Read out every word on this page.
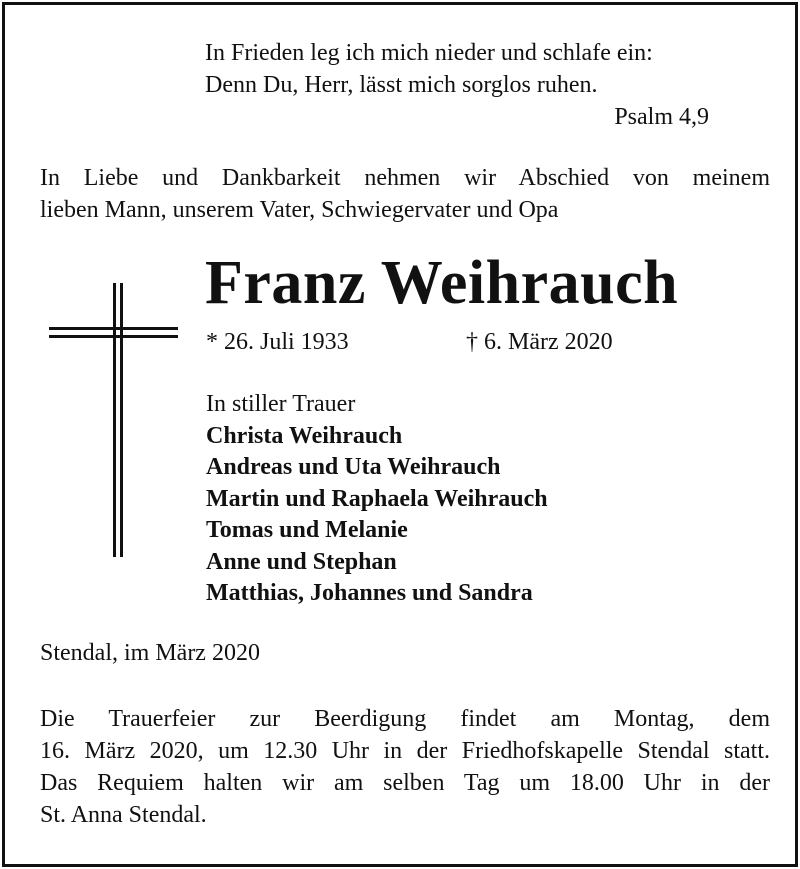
In Frieden leg ich mich nieder und schlafe ein:
Denn Du, Herr, lässt mich sorglos ruhen.
Psalm 4,9
In Liebe und Dankbarkeit nehmen wir Abschied von meinem
lieben Mann, unserem Vater, Schwiegervater und Opa
Franz Weihrauch
* 26. Juli 1933	† 6. März 2020
In stiller Trauer
Christa Weihrauch
Andreas und Uta Weihrauch
Martin und Raphaela Weihrauch
Tomas und Melanie
Anne und Stephan
Matthias, Johannes und Sandra
Stendal, im März 2020
Die Trauerfeier zur Beerdigung findet am Montag, dem
16. März 2020, um 12.30 Uhr in der Friedhofskapelle Stendal statt.
Das Requiem halten wir am selben Tag um 18.00 Uhr in der
St. Anna Stendal.
